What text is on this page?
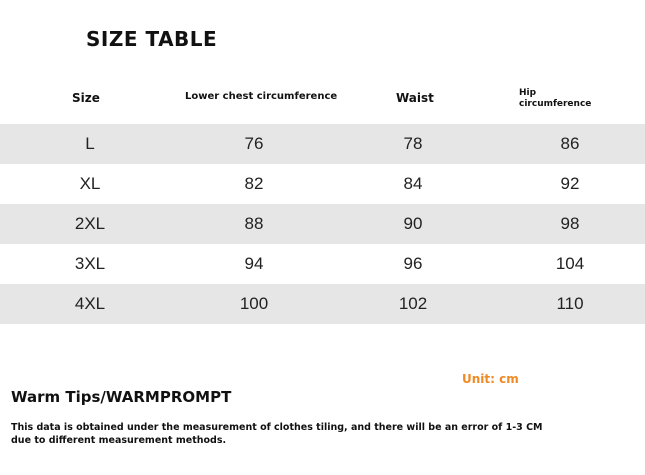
SIZE TABLE
Size	Lower chest circumference	Waist	Hip
circumference
L	76	78	86
XL	82	84	92
2XL	88	90	98
3XL	94	96	104
4XL	100	102	110
Unit: cm
Warm Tips/WARMPROMPT
This data is obtained under the measurement of clothes tiling, and there will be an error of 1-3 CM due to different measurement methods.
